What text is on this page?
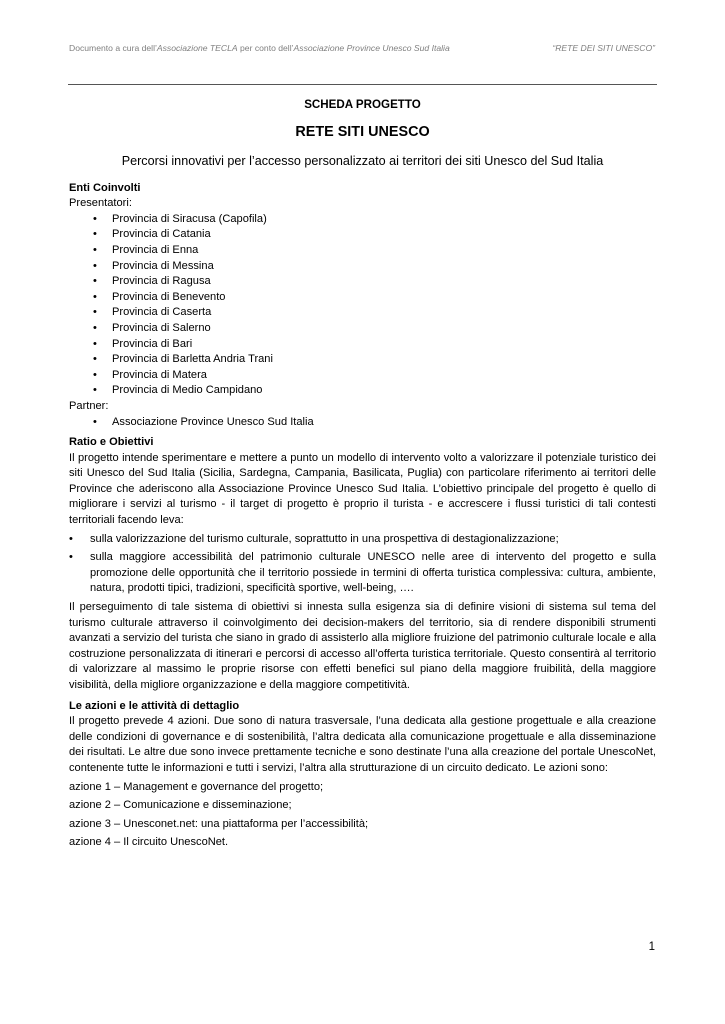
Documento a cura dell’Associazione TECLA per conto dell’Associazione Province Unesco Sud Italia	“RETE DEI SITI UNESCO”
SCHEDA PROGETTO
RETE SITI UNESCO
Percorsi innovativi per l’accesso personalizzato ai territori dei siti Unesco del Sud Italia
Enti Coinvolti
Presentatori:
• Provincia di Siracusa (Capofila)
• Provincia di Catania
• Provincia di Enna
• Provincia di Messina
• Provincia di Ragusa
• Provincia di Benevento
• Provincia di Caserta
• Provincia di Salerno
• Provincia di Bari
• Provincia di Barletta Andria Trani
• Provincia di Matera
• Provincia di Medio Campidano
Partner:
• Associazione Province Unesco Sud Italia
Ratio e Obiettivi

Il progetto intende sperimentare e mettere a punto un modello di intervento volto a valorizzare il potenziale turistico dei siti Unesco del Sud Italia (Sicilia, Sardegna, Campania, Basilicata, Puglia) con particolare riferimento ai territori delle Province che aderiscono alla Associazione Province Unesco Sud Italia. L’obiettivo principale del progetto è quello di migliorare i servizi al turismo - il target di progetto è proprio il turista - e accrescere i flussi turistici di tali contesti territoriali facendo leva:

• sulla valorizzazione del turismo culturale, soprattutto in una prospettiva di destagionalizzazione;
• sulla maggiore accessibilità del patrimonio culturale UNESCO nelle aree di intervento del progetto e sulla promozione delle opportunità che il territorio possiede in termini di offerta turistica complessiva: cultura, ambiente, natura, prodotti tipici, tradizioni, specificità sportive, well-being, ….

Il perseguimento di tale sistema di obiettivi si innesta sulla esigenza sia di definire visioni di sistema sul tema del turismo culturale attraverso il coinvolgimento dei decision-makers del territorio, sia di rendere disponibili strumenti avanzati a servizio del turista che siano in grado di assisterlo alla migliore fruizione del patrimonio culturale locale e alla costruzione personalizzata di itinerari e percorsi di accesso all’offerta turistica territoriale. Questo consentirà al territorio di valorizzare al massimo le proprie risorse con effetti benefici sul piano della maggiore fruibilità, della maggiore visibilità, della migliore organizzazione e della maggiore competitività.

Le azioni e le attività di dettaglio

Il progetto prevede 4 azioni. Due sono di natura trasversale, l’una dedicata alla gestione progettuale e alla creazione delle condizioni di governance e di sostenibilità, l’altra dedicata alla comunicazione progettuale e alla disseminazione dei risultati. Le altre due sono invece prettamente tecniche e sono destinate l’una alla creazione del portale UnescoNet, contenente tutte le informazioni e tutti i servizi, l’altra alla strutturazione di un circuito dedicato. Le azioni sono:

azione 1 – Management e governance del progetto;
azione 2 – Comunicazione e disseminazione;
azione 3 – Unesconet.net: una piattaforma per l’accessibilità;
azione 4 – Il circuito UnescoNet.
1
